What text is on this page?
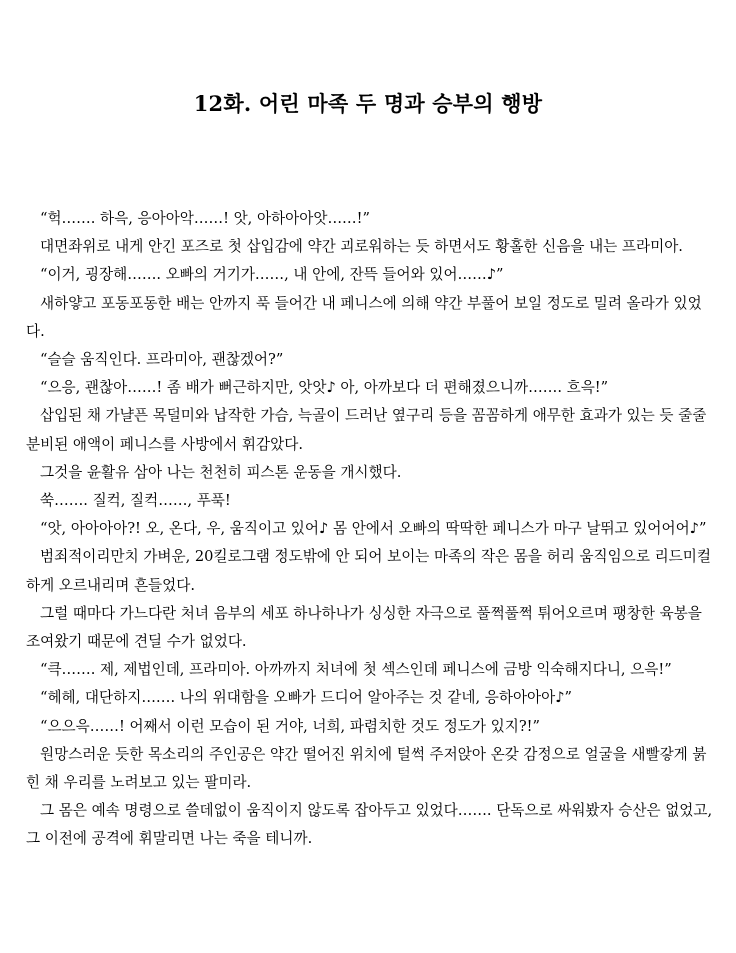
12화. 어린 마족 두 명과 승부의 행방

“헉……. 하윽, 응아아악……! 앗, 아하아아앗……!”

대면좌위로 내게 안긴 포즈로 첫 삽입감에 약간 괴로워하는 듯 하면서도 황홀한 신음을 내는 프라미아.

“이거, 굉장해……. 오빠의 거기가……, 내 안에, 잔뜩 들어와 있어……♪”

새하얗고 포동포동한 배는 안까지 푹 들어간 내 페니스에 의해 약간 부풀어 보일 정도로 밀려 올라가 있었다.

“슬슬 움직인다. 프라미아, 괜찮겠어?”

“으응, 괜찮아……! 좀 배가 뻐근하지만, 앗앗♪ 아, 아까보다 더 편해졌으니까……. 흐윽!”

삽입된 채 가냘픈 목덜미와 납작한 가슴, 늑골이 드러난 옆구리 등을 꼼꼼하게 애무한 효과가 있는 듯 줄줄 분비된 애액이 페니스를 사방에서 휘감았다.

그것을 윤활유 삼아 나는 천천히 피스톤 운동을 개시했다.

쑥……. 질컥, 질컥……, 푸푹!

“앗, 아아아아?! 오, 온다, 우, 움직이고 있어♪ 몸 안에서 오빠의 딱딱한 페니스가 마구 날뛰고 있어어어♪”

범죄적이리만치 가벼운, 20킬로그램 정도밖에 안 되어 보이는 마족의 작은 몸을 허리 움직임으로 리드미컬하게 오르내리며 흔들었다.

그럴 때마다 가느다란 처녀 음부의 세포 하나하나가 싱싱한 자극으로 풀쩍풀쩍 튀어오르며 팽창한 육봉을 조여왔기 때문에 견딜 수가 없었다.

“큭……. 제, 제법인데, 프라미아. 아까까지 처녀에 첫 섹스인데 페니스에 금방 익숙해지다니, 으윽!”

“헤헤, 대단하지……. 나의 위대함을 오빠가 드디어 알아주는 것 같네, 응하아아아♪”

“으으윽……! 어째서 이런 모습이 된 거야, 너희, 파렴치한 것도 정도가 있지?!”

원망스러운 듯한 목소리의 주인공은 약간 떨어진 위치에 털썩 주저앉아 온갖 감정으로 얼굴을 새빨갛게 붉힌 채 우리를 노려보고 있는 팔미라.

그 몸은 예속 명령으로 쓸데없이 움직이지 않도록 잡아두고 있었다……. 단독으로 싸워봤자 승산은 없었고, 그 이전에 공격에 휘말리면 나는 죽을 테니까.
